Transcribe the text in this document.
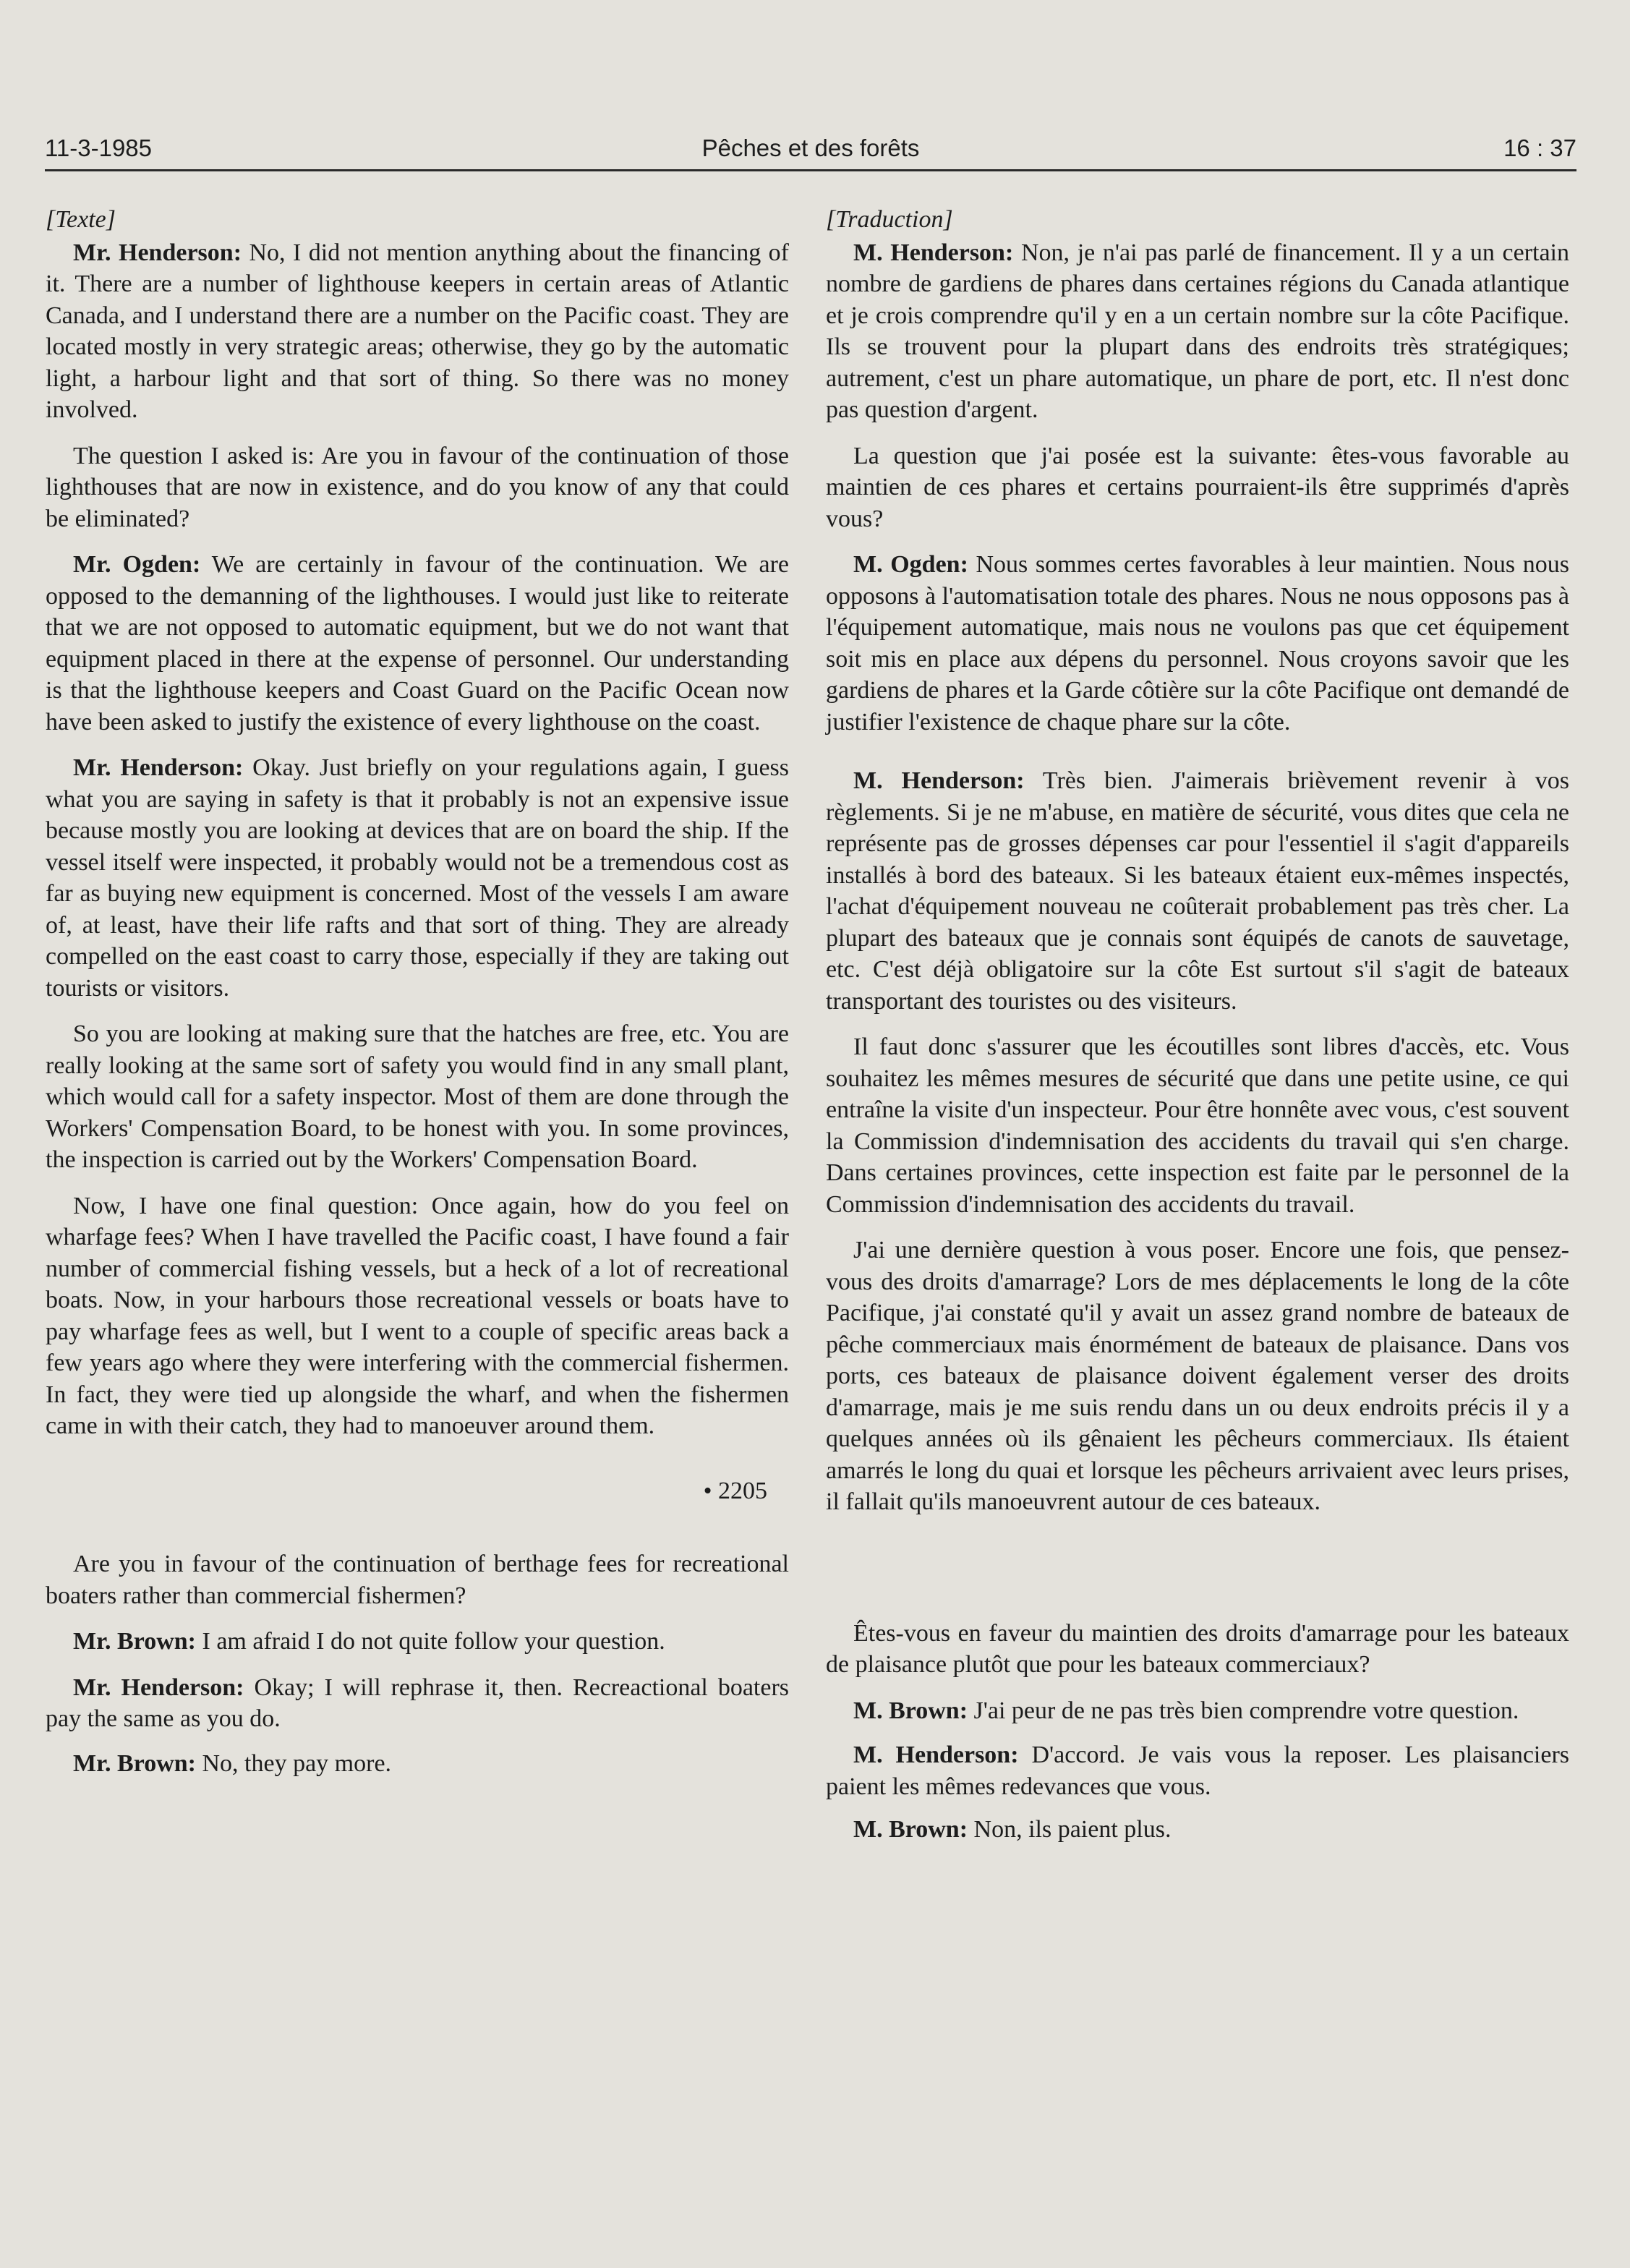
11-3-1985	Pêches et des forêts	16 : 37
[Texte]

Mr. Henderson: No, I did not mention anything about the financing of it. There are a number of lighthouse keepers in certain areas of Atlantic Canada, and I understand there are a number on the Pacific coast. They are located mostly in very strategic areas; otherwise, they go by the automatic light, a harbour light and that sort of thing. So there was no money involved.

The question I asked is: Are you in favour of the continuation of those lighthouses that are now in existence, and do you know of any that could be eliminated?

Mr. Ogden: We are certainly in favour of the continuation. We are opposed to the demanning of the lighthouses. I would just like to reiterate that we are not opposed to automatic equipment, but we do not want that equipment placed in there at the expense of personnel. Our understanding is that the lighthouse keepers and Coast Guard on the Pacific Ocean now have been asked to justify the existence of every lighthouse on the coast.

Mr. Henderson: Okay. Just briefly on your regulations again, I guess what you are saying in safety is that it probably is not an expensive issue because mostly you are looking at devices that are on board the ship. If the vessel itself were inspected, it probably would not be a tremendous cost as far as buying new equipment is concerned. Most of the vessels I am aware of, at least, have their life rafts and that sort of thing. They are already compelled on the east coast to carry those, especially if they are taking out tourists or visitors.

So you are looking at making sure that the hatches are free, etc. You are really looking at the same sort of safety you would find in any small plant, which would call for a safety inspector. Most of them are done through the Workers' Compensation Board, to be honest with you. In some provinces, the inspection is carried out by the Workers' Compensation Board.

Now, I have one final question: Once again, how do you feel on wharfage fees? When I have travelled the Pacific coast, I have found a fair number of commercial fishing vessels, but a heck of a lot of recreational boats. Now, in your harbours those recreational vessels or boats have to pay wharfage fees as well, but I went to a couple of specific areas back a few years ago where they were interfering with the commercial fishermen. In fact, they were tied up alongside the wharf, and when the fishermen came in with their catch, they had to manoeuver around them.

• 2205

Are you in favour of the continuation of berthage fees for recreational boaters rather than commercial fishermen?

Mr. Brown: I am afraid I do not quite follow your question.

Mr. Henderson: Okay; I will rephrase it, then. Recreactional boaters pay the same as you do.

Mr. Brown: No, they pay more.

[Traduction]

M. Henderson: Non, je n'ai pas parlé de financement. Il y a un certain nombre de gardiens de phares dans certaines régions du Canada atlantique et je crois comprendre qu'il y en a un certain nombre sur la côte Pacifique. Ils se trouvent pour la plupart dans des endroits très stratégiques; autrement, c'est un phare automatique, un phare de port, etc. Il n'est donc pas question d'argent.

La question que j'ai posée est la suivante: êtes-vous favorable au maintien de ces phares et certains pourraient-ils être supprimés d'après vous?

M. Ogden: Nous sommes certes favorables à leur maintien. Nous nous opposons à l'automatisation totale des phares. Nous ne nous opposons pas à l'équipement automatique, mais nous ne voulons pas que cet équipement soit mis en place aux dépens du personnel. Nous croyons savoir que les gardiens de phares et la Garde côtière sur la côte Pacifique ont demandé de justifier l'existence de chaque phare sur la côte.

M. Henderson: Très bien. J'aimerais brièvement revenir à vos règlements. Si je ne m'abuse, en matière de sécurité, vous dites que cela ne représente pas de grosses dépenses car pour l'essentiel il s'agit d'appareils installés à bord des bateaux. Si les bateaux étaient eux-mêmes inspectés, l'achat d'équipement nouveau ne coûterait probablement pas très cher. La plupart des bateaux que je connais sont équipés de canots de sauvetage, etc. C'est déjà obligatoire sur la côte Est surtout s'il s'agit de bateaux transportant des touristes ou des visiteurs.

Il faut donc s'assurer que les écoutilles sont libres d'accès, etc. Vous souhaitez les mêmes mesures de sécurité que dans une petite usine, ce qui entraîne la visite d'un inspecteur. Pour être honnête avec vous, c'est souvent la Commission d'indemnisation des accidents du travail qui s'en charge. Dans certaines provinces, cette inspection est faite par le personnel de la Commission d'indemnisation des accidents du travail.

J'ai une dernière question à vous poser. Encore une fois, que pensez-vous des droits d'amarrage? Lors de mes déplacements le long de la côte Pacifique, j'ai constaté qu'il y avait un assez grand nombre de bateaux de pêche commerciaux mais énormément de bateaux de plaisance. Dans vos ports, ces bateaux de plaisance doivent également verser des droits d'amarrage, mais je me suis rendu dans un ou deux endroits précis il y a quelques années où ils gênaient les pêcheurs commerciaux. Ils étaient amarrés le long du quai et lorsque les pêcheurs arrivaient avec leurs prises, il fallait qu'ils manoeuvrent autour de ces bateaux.

Êtes-vous en faveur du maintien des droits d'amarrage pour les bateaux de plaisance plutôt que pour les bateaux commerciaux?

M. Brown: J'ai peur de ne pas très bien comprendre votre question.

M. Henderson: D'accord. Je vais vous la reposer. Les plaisanciers paient les mêmes redevances que vous.

M. Brown: Non, ils paient plus.
